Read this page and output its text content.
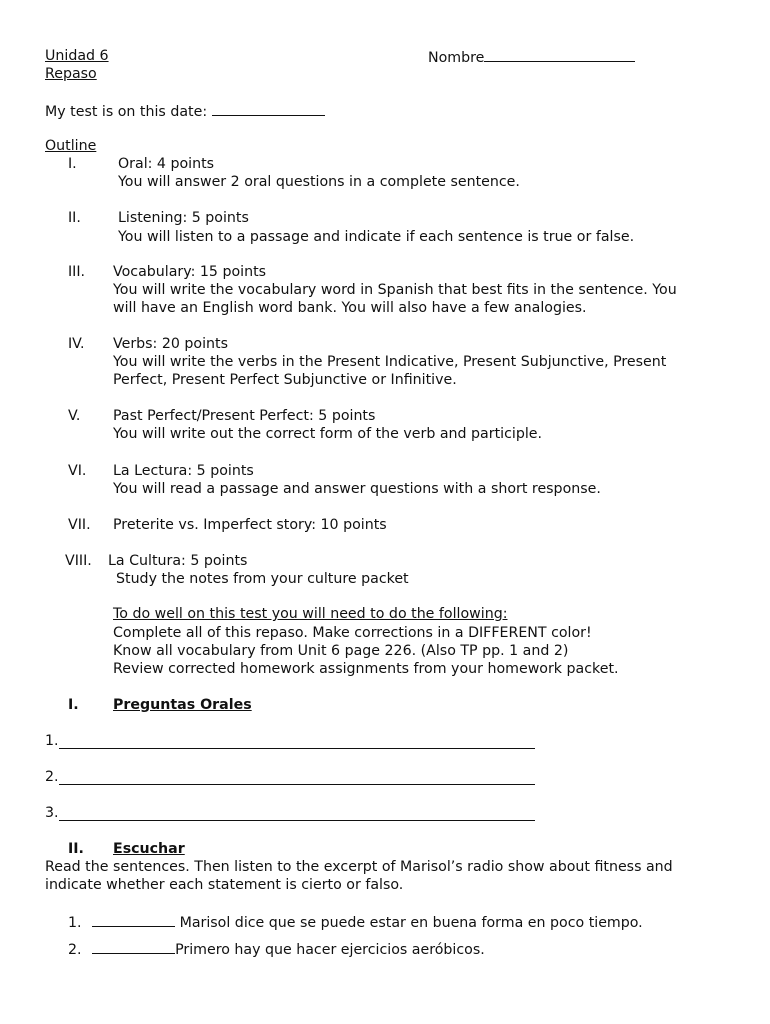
Unidad 6
Repaso
Nombre
My test is on this date:
Outline
I.	Oral: 4 points
You will answer 2 oral questions in a complete sentence.
II.	Listening: 5 points
You will listen to a passage and indicate if each sentence is true or false.
III. Vocabulary: 15 points
You will write the vocabulary word in Spanish that best fits in the sentence. You
will have an English word bank. You will also have a few analogies.
IV. Verbs: 20 points
You will write the verbs in the Present Indicative, Present Subjunctive, Present
Perfect, Present Perfect Subjunctive or Infinitive.
V. Past Perfect/Present Perfect: 5 points
You will write out the correct form of the verb and participle.
VI. La Lectura: 5 points
You will read a passage and answer questions with a short response.
VII. Preterite vs. Imperfect story: 10 points
VIII. La Cultura: 5 points
Study the notes from your culture packet
To do well on this test you will need to do the following:
Complete all of this repaso. Make corrections in a DIFFERENT color!
Know all vocabulary from Unit 6 page 226. (Also TP pp. 1 and 2)
Review corrected homework assignments from your homework packet.
I. Preguntas Orales
1.
2.
3.
II. Escuchar
Read the sentences. Then listen to the excerpt of Marisol’s radio show about fitness and
indicate whether each statement is cierto or falso.
1.	Marisol dice que se puede estar en buena forma en poco tiempo.
2.	Primero hay que hacer ejercicios aeróbicos.
